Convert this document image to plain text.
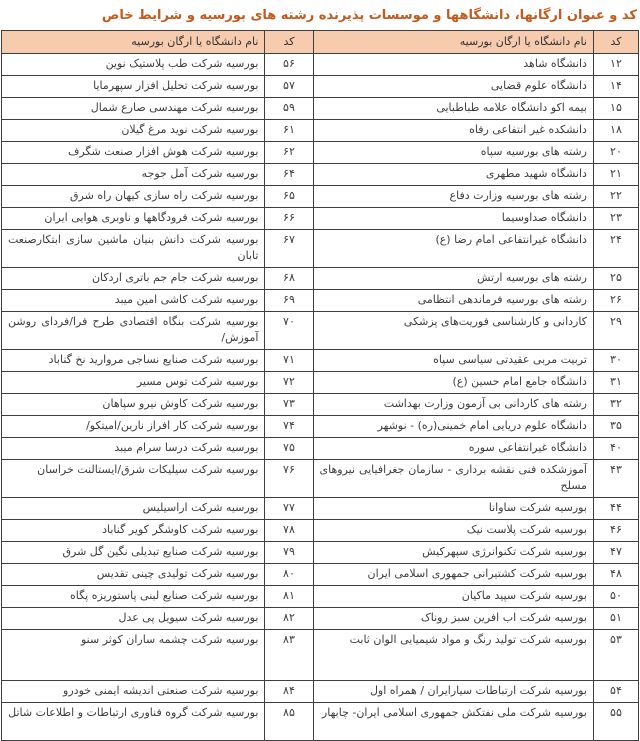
کد و عنوان ارگانها، دانشگاهها و موسسات پذیرنده رشته های بورسیه و شرایط خاص
کد	نام دانشگاه یا ارگان بورسیه	کد	نام دانشگاه یا ارگان بورسیه
۱۲	دانشگاه شاهد	۵۶	بورسیه شرکت طب پلاستیک نوین
۱۴	دانشگاه علوم قضایی	۵۷	بورسیه شرکت تحلیل افزار سپهرمایا
۱۵	بیمه اکو دانشگاه علامه طباطبایی	۵۹	بورسیه شرکت مهندسی صارع شمال
۱۸	دانشکده غیر انتفاعی رفاه	۶۱	بورسیه شرکت نوید مرغ گیلان
۲۰	رشته های بورسیه سپاه	۶۲	بورسیه شرکت هوش افزار صنعت شگرف
۲۱	دانشگاه شهید مطهری	۶۴	بورسیه شرکت آمل جوجه
۲۲	رشته های بورسیه وزارت دفاع	۶۵	بورسیه شرکت راه سازی کیهان راه شرق
۲۳	دانشگاه صداوسیما	۶۶	بورسیه شرکت فرودگاهها و ناوبری هوایی ایران
۲۴	دانشگاه غیرانتفاعی امام رضا (ع)	۶۷	بورسیه شرکت دانش بنیان ماشین سازی ابتکارصنعت تابان
۲۵	رشته های بورسیه ارتش	۶۸	بورسیه شرکت جام جم باتری اردکان
۲۶	رشته های بورسیه فرماندهی انتظامی	۶۹	بورسیه شرکت کاشی امین میبد
۲۹	کاردانی و کارشناسی فوریت‌های پزشکی	۷۰	بورسیه شرکت بنگاه اقتصادی طرح فرا/فردای روشن آموزش/
۳۰	تربیت مربی عقیدتی سیاسی سپاه	۷۱	بورسیه شرکت صنایع نساجی مروارید نخ گناباد
۳۱	دانشگاه جامع امام حسین (ع)	۷۲	بورسیه شرکت توس مسیر
۳۲	رشته های کاردانی بی آزمون وزارت بهداشت	۷۳	بورسیه شرکت کاوش نیرو سپاهان
۳۵	دانشگاه علوم دریایی امام خمینی(ره) - نوشهر	۷۴	بورسیه شرکت کار افراز نارین/امیتکو/
۴۰	دانشگاه غیرانتفاعی سوره	۷۵	بورسیه شرکت درسا سرام میبد
۴۳	آموزشکده فنی نقشه برداری - سازمان جغرافیایی نیروهای مسلح	۷۶	بورسیه شرکت سیلیکات شرق/ایستالنت خراسان
۴۴	بورسیه شرکت ساوانا	۷۷	بورسیه شرکت اراسیلیس
۴۶	بورسیه شرکت پلاست نیک	۷۸	بورسیه شرکت کاوشگر کویر گناباد
۴۷	بورسیه شرکت تکنوانرژی سپهرکیش	۷۹	بورسیه شرکت صنایع تبدیلی نگین گل شرق
۴۸	بورسیه شرکت کشتیرانی جمهوری اسلامی ایران	۸۰	بورسیه شرکت تولیدی چینی تقدیس
۵۰	بورسیه شرکت سپید ماکیان	۸۱	بورسیه شرکت صنایع لبنی پاستوریزه پگاه
۵۱	بورسیه شرکت اب افرین سبز روناک	۸۲	بورسیه شرکت سیویل پی عدل
۵۳	بورسیه شرکت تولید رنگ و مواد شیمیایی الوان ثابت	۸۳	بورسیه شرکت چشمه ساران کوثر سنو
۵۴	بورسیه شرکت ارتباطات سیارایران / همراه اول	۸۴	بورسیه شرکت صنعتی اندیشه ایمنی خودرو
۵۵	بورسیه شرکت ملی نفتکش جمهوری اسلامی ایران- چابهار	۸۵	بورسیه شرکت گروه فناوری ارتباطات و اطلاعات شاتل
